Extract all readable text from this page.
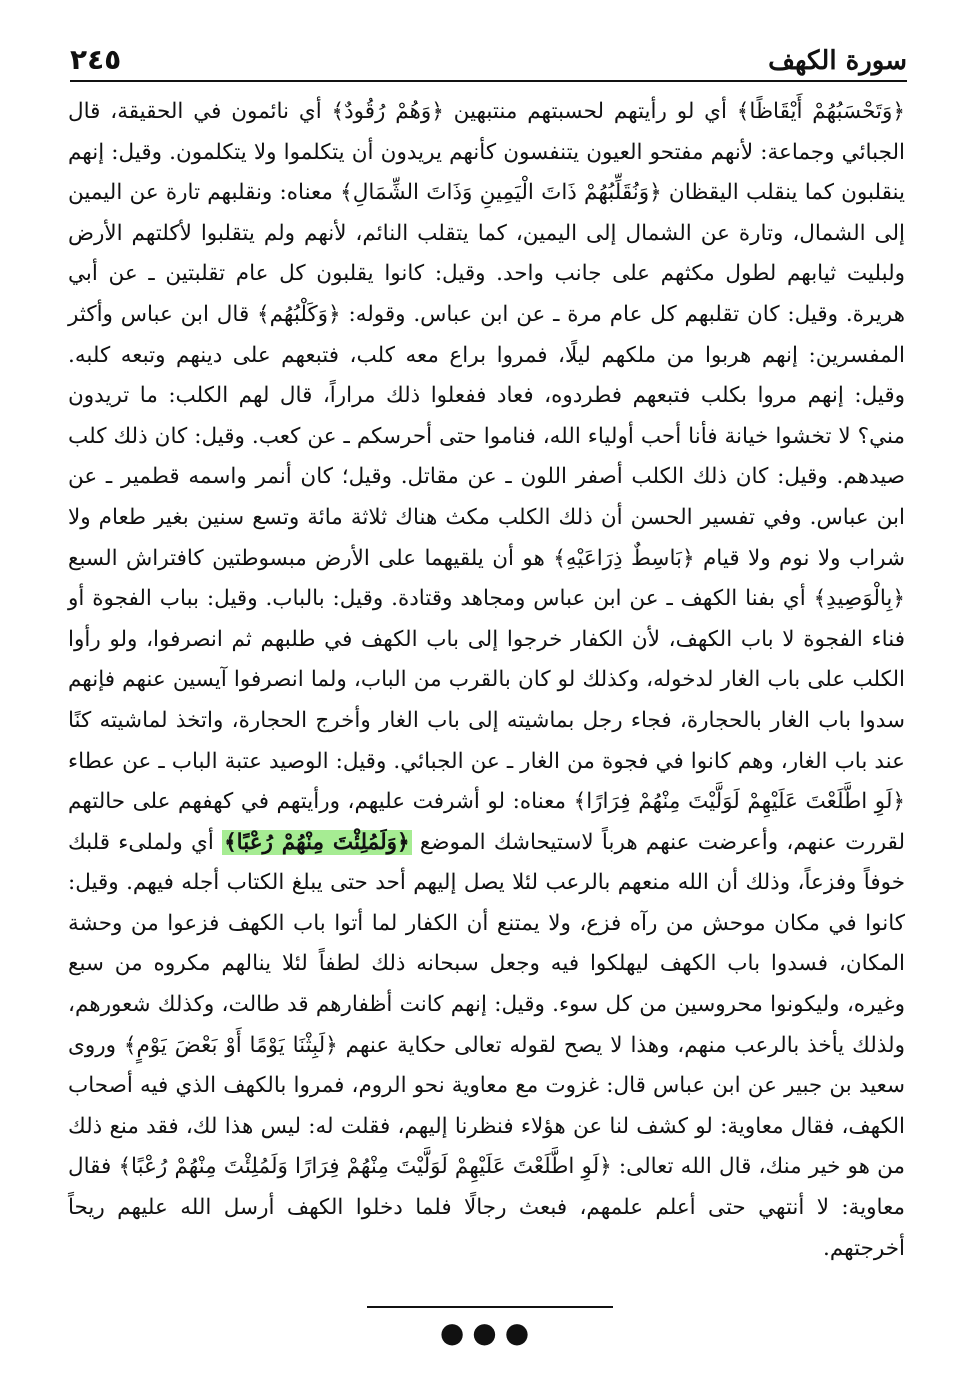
سورة الكهف
٢٤٥
﴿وَتَحْسَبُهُمْ أَيْقَاظًا﴾ أي لو رأيتهم لحسبتهم منتبهين ﴿وَهُمْ رُقُودٌ﴾ أي نائمون في الحقيقة، قال الجبائي وجماعة: لأنهم مفتحو العيون يتنفسون كأنهم يريدون أن يتكلموا ولا يتكلمون. وقيل: إنهم ينقلبون كما ينقلب اليقظان ﴿وَنُقَلِّبُهُمْ ذَاتَ الْيَمِينِ وَذَاتَ الشِّمَالِ﴾ معناه: ونقلبهم تارة عن اليمين إلى الشمال، وتارة عن الشمال إلى اليمين، كما يتقلب النائم، لأنهم ولم يتقلبوا لأكلتهم الأرض ولبليت ثيابهم لطول مكثهم على جانب واحد. وقيل: كانوا يقلبون كل عام تقلبتين ـ عن أبي هريرة. وقيل: كان تقلبهم كل عام مرة ـ عن ابن عباس. وقوله: ﴿وَكَلْبُهُم﴾ قال ابن عباس وأكثر المفسرين: إنهم هربوا من ملكهم ليلًا، فمروا براع معه كلب، فتبعهم على دينهم وتبعه كلبه. وقيل: إنهم مروا بكلب فتبعهم فطردوه، فعاد ففعلوا ذلك مراراً، قال لهم الكلب: ما تريدون مني؟ لا تخشوا خيانة فأنا أحب أولياء الله، فناموا حتى أحرسكم ـ عن كعب. وقيل: كان ذلك كلب صيدهم. وقيل: كان ذلك الكلب أصفر اللون ـ عن مقاتل. وقيل؛ كان أنمر واسمه قطمير ـ عن ابن عباس. وفي تفسير الحسن أن ذلك الكلب مكث هناك ثلاثة مائة وتسع سنين بغير طعام ولا شراب ولا نوم ولا قيام ﴿بَاسِطٌ ذِرَاعَيْهِ﴾ هو أن يلقيهما على الأرض مبسوطتين كافتراش السبع ﴿بِالْوَصِيدِ﴾ أي بفنا الكهف ـ عن ابن عباس ومجاهد وقتادة. وقيل: بالباب. وقيل: بباب الفجوة أو فناء الفجوة لا باب الكهف، لأن الكفار خرجوا إلى باب الكهف في طلبهم ثم انصرفوا، ولو رأوا الكلب على باب الغار لدخوله، وكذلك لو كان بالقرب من الباب، ولما انصرفوا آيسين عنهم فإنهم سدوا باب الغار بالحجارة، فجاء رجل بماشيته إلى باب الغار وأخرج الحجارة، واتخذ لماشيته كنًا عند باب الغار، وهم كانوا في فجوة من الغار ـ عن الجبائي. وقيل: الوصيد عتبة الباب ـ عن عطاء ﴿لَوِ اطَّلَعْتَ عَلَيْهِمْ لَوَلَّيْتَ مِنْهُمْ فِرَارًا﴾ معناه: لو أشرفت عليهم، ورأيتهم في كهفهم على حالتهم لقررت عنهم، وأعرضت عنهم هرباً لاستيحاشك الموضع ﴿وَلَمُلِئْتَ مِنْهُمْ رُعْبًا﴾ أي ولملىء قلبك خوفاً وفزعاً، وذلك أن الله منعهم بالرعب لئلا يصل إليهم أحد حتى يبلغ الكتاب أجله فيهم. وقيل: كانوا في مكان موحش من رآه فزع، ولا يمتنع أن الكفار لما أتوا باب الكهف فزعوا من وحشة المكان، فسدوا باب الكهف ليهلكوا فيه وجعل سبحانه ذلك لطفاً لئلا ينالهم مكروه من سبع وغيره، وليكونوا محروسين من كل سوء. وقيل: إنهم كانت أظفارهم قد طالت، وكذلك شعورهم، ولذلك يأخذ بالرعب منهم، وهذا لا يصح لقوله تعالى حكاية عنهم ﴿لَبِثْنَا يَوْمًا أَوْ بَعْضَ يَوْمٍ﴾ وروى سعيد بن جبير عن ابن عباس قال: غزوت مع معاوية نحو الروم، فمروا بالكهف الذي فيه أصحاب الكهف، فقال معاوية: لو كشف لنا عن هؤلاء فنظرنا إليهم، فقلت له: ليس هذا لك، فقد منع ذلك من هو خير منك، قال الله تعالى: ﴿لَوِ اطَّلَعْتَ عَلَيْهِمْ لَوَلَّيْتَ مِنْهُمْ فِرَارًا وَلَمُلِئْتَ مِنْهُمْ رُعْبًا﴾ فقال معاوية: لا أنتهي حتى أعلم علمهم، فبعث رجالًا فلما دخلوا الكهف أرسل الله عليهم ريحاً أخرجتهم.
●●●
